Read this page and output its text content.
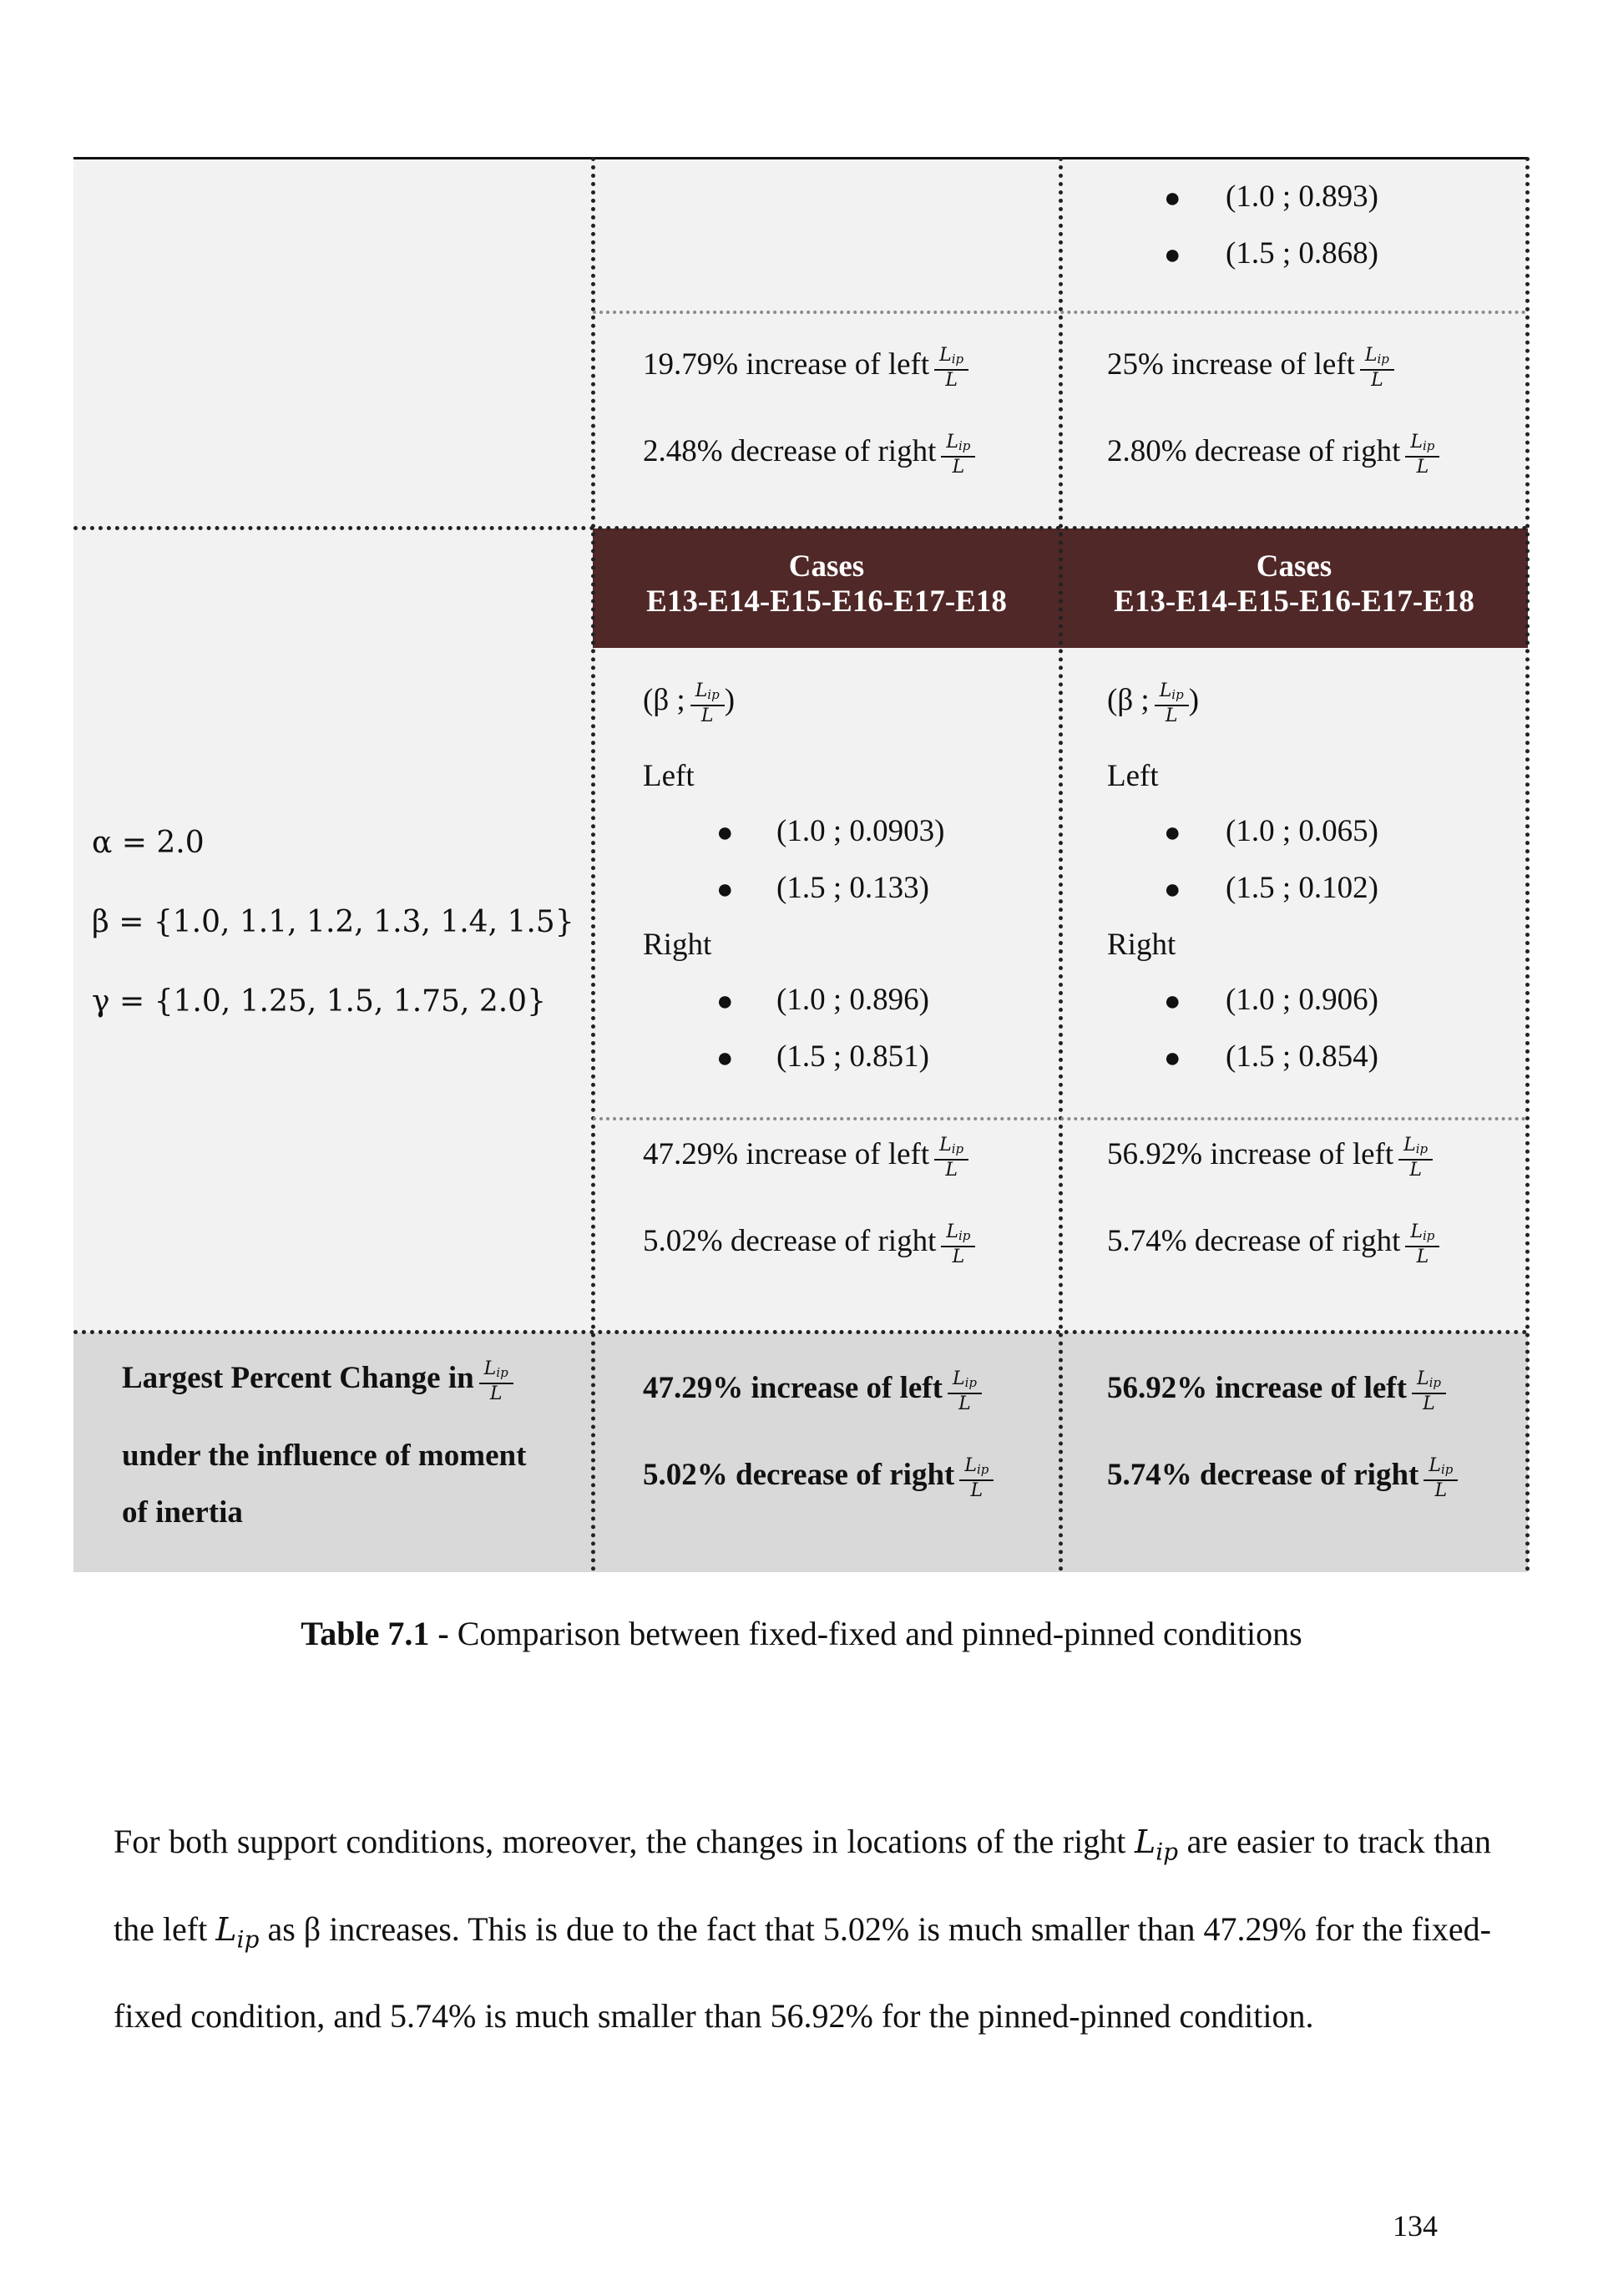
● (1.0 ; 0.893)
● (1.5 ; 0.868)
19.79% increase of left $\frac{L_{ip}}{L}$
2.48% decrease of right $\frac{L_{ip}}{L}$
25% increase of left $\frac{L_{ip}}{L}$
2.80% decrease of right $\frac{L_{ip}}{L}$
α = 2.0
β = {1.0, 1.1, 1.2, 1.3, 1.4, 1.5}
γ = {1.0, 1.25, 1.5, 1.75, 2.0}
Cases
E13-E14-E15-E16-E17-E18
Cases
E13-E14-E15-E16-E17-E18
(β ; $\frac{L_{ip}}{L}$ )
Left
● (1.0 ; 0.0903)
● (1.5 ; 0.133)
Right
● (1.0 ; 0.896)
● (1.5 ; 0.851)
47.29% increase of left $\frac{L_{ip}}{L}$
5.02% decrease of right $\frac{L_{ip}}{L}$
(β ; $\frac{L_{ip}}{L}$ )
Left
● (1.0 ; 0.065)
● (1.5 ; 0.102)
Right
● (1.0 ; 0.906)
● (1.5 ; 0.854)
56.92% increase of left $\frac{L_{ip}}{L}$
5.74% decrease of right $\frac{L_{ip}}{L}$
Largest Percent Change in $\frac{L_{ip}}{L}$
under the influence of moment
of inertia
47.29% increase of left $\frac{L_{ip}}{L}$
5.02% decrease of right $\frac{L_{ip}}{L}$
56.92% increase of left $\frac{L_{ip}}{L}$
5.74% decrease of right $\frac{L_{ip}}{L}$
Table 7.1 - Comparison between fixed-fixed and pinned-pinned conditions
For both support conditions, moreover, the changes in locations of the right $L_{ip}$ are easier to track than the left $L_{ip}$ as β increases. This is due to the fact that 5.02% is much smaller than 47.29% for the fixed-fixed condition, and 5.74% is much smaller than 56.92% for the pinned-pinned condition.
134
